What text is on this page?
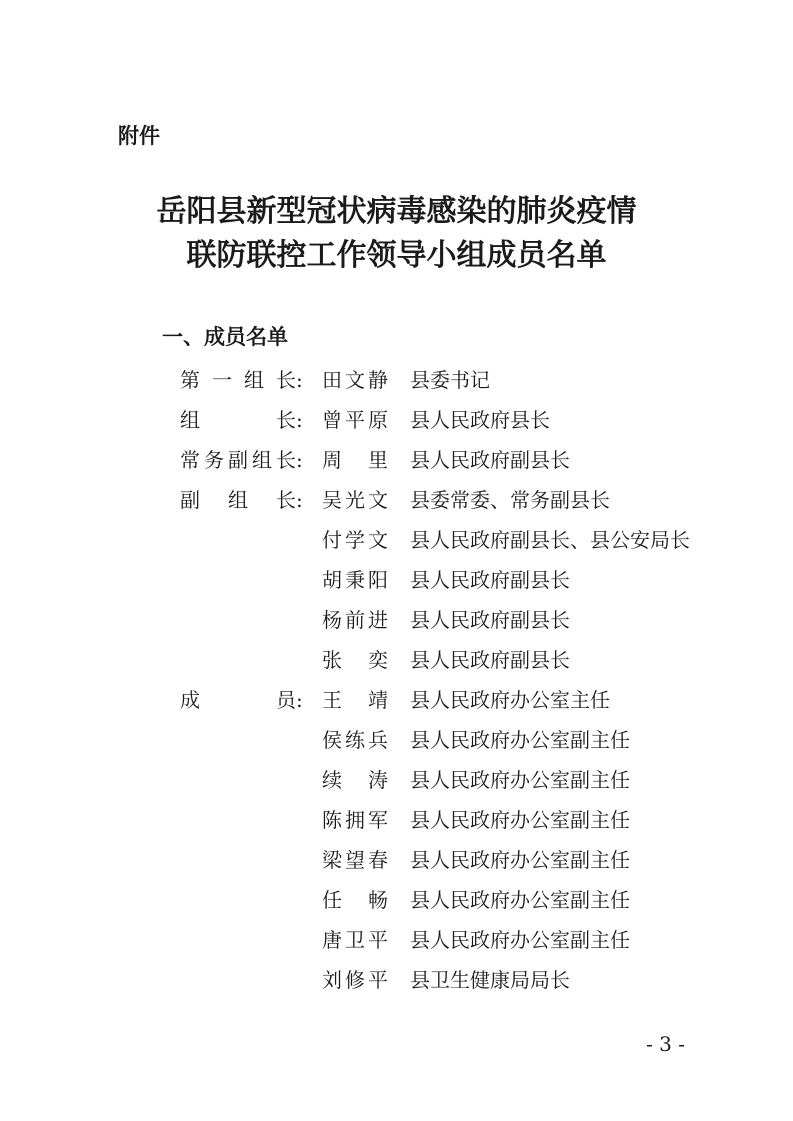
附件
岳阳县新型冠状病毒感染的肺炎疫情
联防联控工作领导小组成员名单
一、成员名单
第 一 组 长 : 田 文 静 县委书记
组	长 : 曾 平 原 县人民政府县长
常 务 副 组 长 : 周
　 里 县人民政府副县长
副 组 长 : 吴 光 文 县委常委、常务副县长
付 学 文 县人民政府副县长、县公安局长
胡 秉 阳 县人民政府副县长
杨 前 进 县人民政府副县长
张
　 奕 县人民政府副县长
成	员 : 王
　 靖 县人民政府办公室主任
侯 练 兵 县人民政府办公室副主任
续
　 涛 县人民政府办公室副主任
陈 拥 军 县人民政府办公室副主任
梁 望 春 县人民政府办公室副主任
任
　 畅 县人民政府办公室副主任
唐 卫 平 县人民政府办公室副主任
刘 修 平 县卫生健康局局长
- 3 -
